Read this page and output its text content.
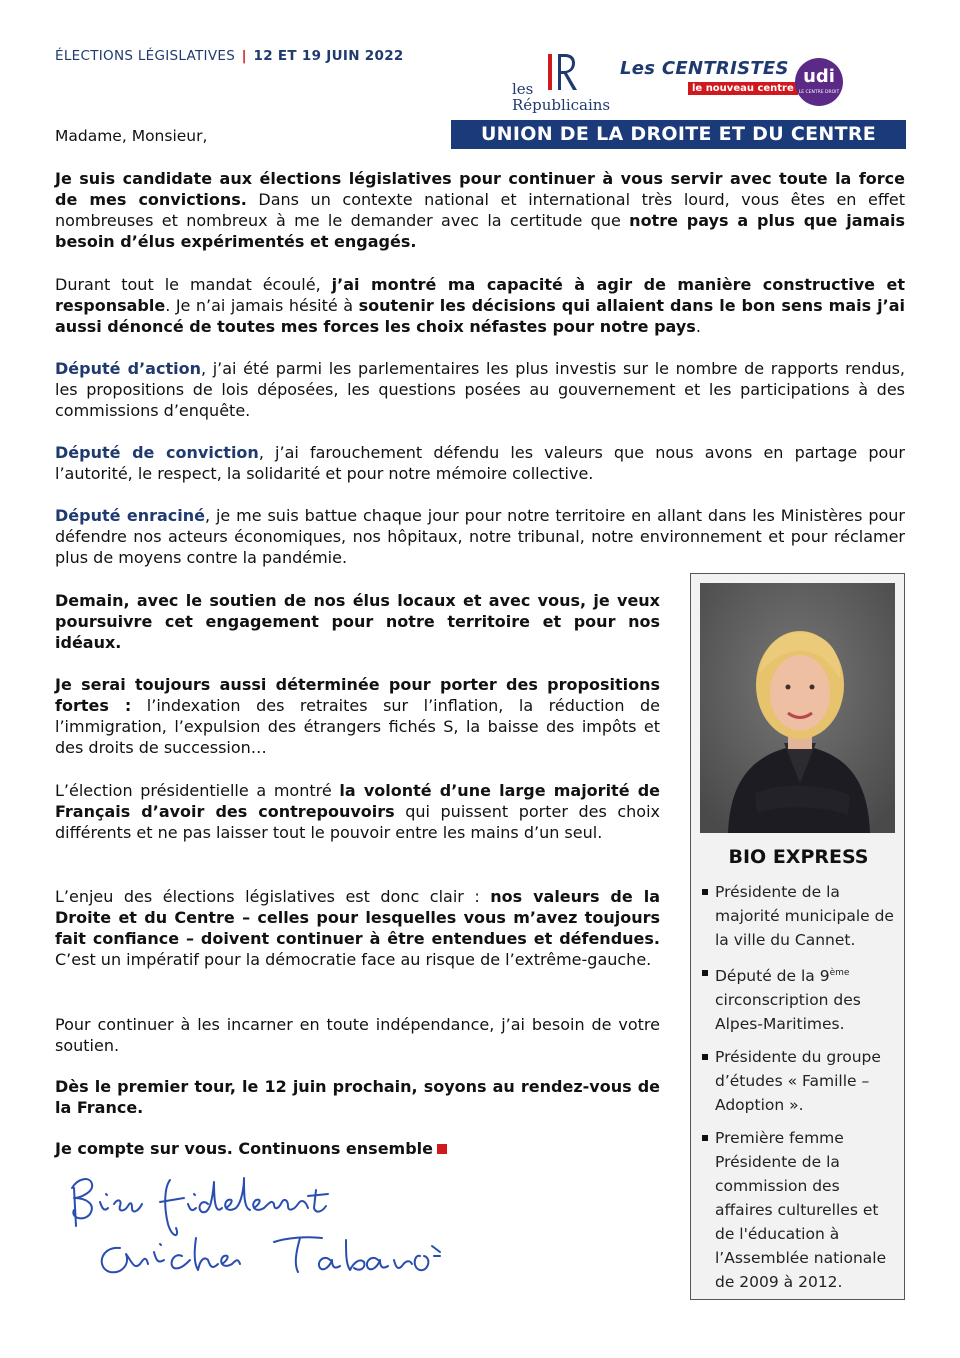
ÉLECTIONS LÉGISLATIVES | 12 ET 19 JUIN 2022
les
Républicains
Les CENTRISTES
le nouveau centre
udi
LE CENTRE DROIT
Madame, Monsieur,	UNION DE LA DROITE ET DU CENTRE
Je suis candidate aux élections législatives pour continuer à vous servir avec toute la force de mes convictions. Dans un contexte national et international très lourd, vous êtes en effet nombreuses et nombreux à me le demander avec la certitude que notre pays a plus que jamais besoin d’élus expérimentés et engagés.
Durant tout le mandat écoulé, j’ai montré ma capacité à agir de manière constructive et responsable. Je n’ai jamais hésité à soutenir les décisions qui allaient dans le bon sens mais j’ai aussi dénoncé de toutes mes forces les choix néfastes pour notre pays.
Député d’action, j’ai été parmi les parlementaires les plus investis sur le nombre de rapports rendus, les propositions de lois déposées, les questions posées au gouvernement et les participations à des commissions d’enquête.
Député de conviction, j’ai farouchement défendu les valeurs que nous avons en partage pour l’autorité, le respect, la solidarité et pour notre mémoire collective.
Député enraciné, je me suis battue chaque jour pour notre territoire en allant dans les Ministères pour défendre nos acteurs économiques, nos hôpitaux, notre tribunal, notre environnement et pour réclamer plus de moyens contre la pandémie.
Demain, avec le soutien de nos élus locaux et avec vous, je veux poursuivre cet engagement pour notre territoire et pour nos idéaux.
Je serai toujours aussi déterminée pour porter des propositions fortes : l’indexation des retraites sur l’inflation, la réduction de l’immigration, l’expulsion des étrangers fichés S, la baisse des impôts et des droits de succession…
L’élection présidentielle a montré la volonté d’une large majorité de Français d’avoir des contrepouvoirs qui puissent porter des choix différents et ne pas laisser tout le pouvoir entre les mains d’un seul.
L’enjeu des élections législatives est donc clair : nos valeurs de la Droite et du Centre – celles pour lesquelles vous m’avez toujours fait confiance – doivent continuer à être entendues et défendues. C’est un impératif pour la démocratie face au risque de l’extrême-gauche.
Pour continuer à les incarner en toute indépendance, j’ai besoin de votre soutien.
Dès le premier tour, le 12 juin prochain, soyons au rendez-vous de la France.
Je compte sur vous. Continuons ensemble
BIO EXPRESS
Présidente de la majorité municipale de la ville du Cannet.
Député de la 9ème circonscription des Alpes-Maritimes.
Présidente du groupe d’études « Famille – Adoption ».
Première femme Présidente de la commission des affaires culturelles et de l'éducation à l’Assemblée nationale de 2009 à 2012.
